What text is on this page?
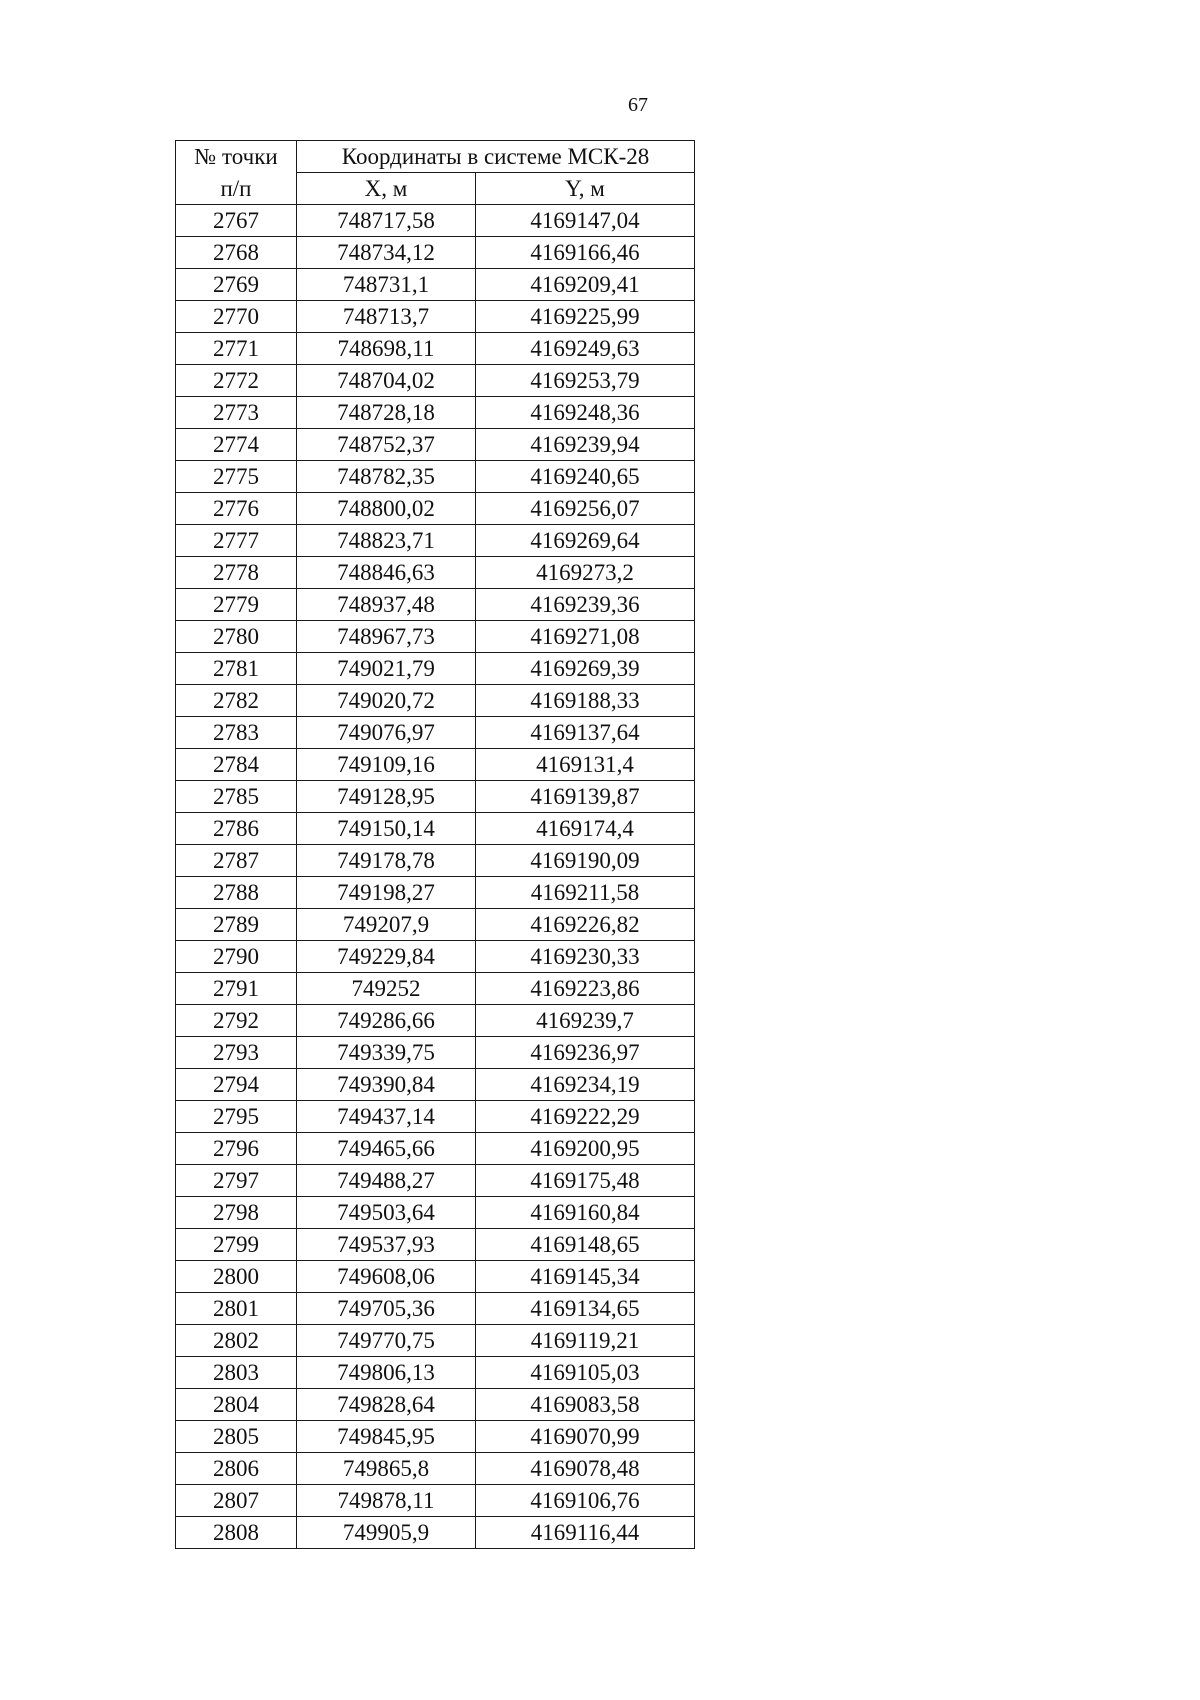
67
№ точки	Координаты в системе МСК-28	
п/п	X, м	Y, м
2767	748717,58	4169147,04
2768	748734,12	4169166,46
2769	748731,1	4169209,41
2770	748713,7	4169225,99
2771	748698,11	4169249,63
2772	748704,02	4169253,79
2773	748728,18	4169248,36
2774	748752,37	4169239,94
2775	748782,35	4169240,65
2776	748800,02	4169256,07
2777	748823,71	4169269,64
2778	748846,63	4169273,2
2779	748937,48	4169239,36
2780	748967,73	4169271,08
2781	749021,79	4169269,39
2782	749020,72	4169188,33
2783	749076,97	4169137,64
2784	749109,16	4169131,4
2785	749128,95	4169139,87
2786	749150,14	4169174,4
2787	749178,78	4169190,09
2788	749198,27	4169211,58
2789	749207,9	4169226,82
2790	749229,84	4169230,33
2791	749252	4169223,86
2792	749286,66	4169239,7
2793	749339,75	4169236,97
2794	749390,84	4169234,19
2795	749437,14	4169222,29
2796	749465,66	4169200,95
2797	749488,27	4169175,48
2798	749503,64	4169160,84
2799	749537,93	4169148,65
2800	749608,06	4169145,34
2801	749705,36	4169134,65
2802	749770,75	4169119,21
2803	749806,13	4169105,03
2804	749828,64	4169083,58
2805	749845,95	4169070,99
2806	749865,8	4169078,48
2807	749878,11	4169106,76
2808	749905,9	4169116,44
